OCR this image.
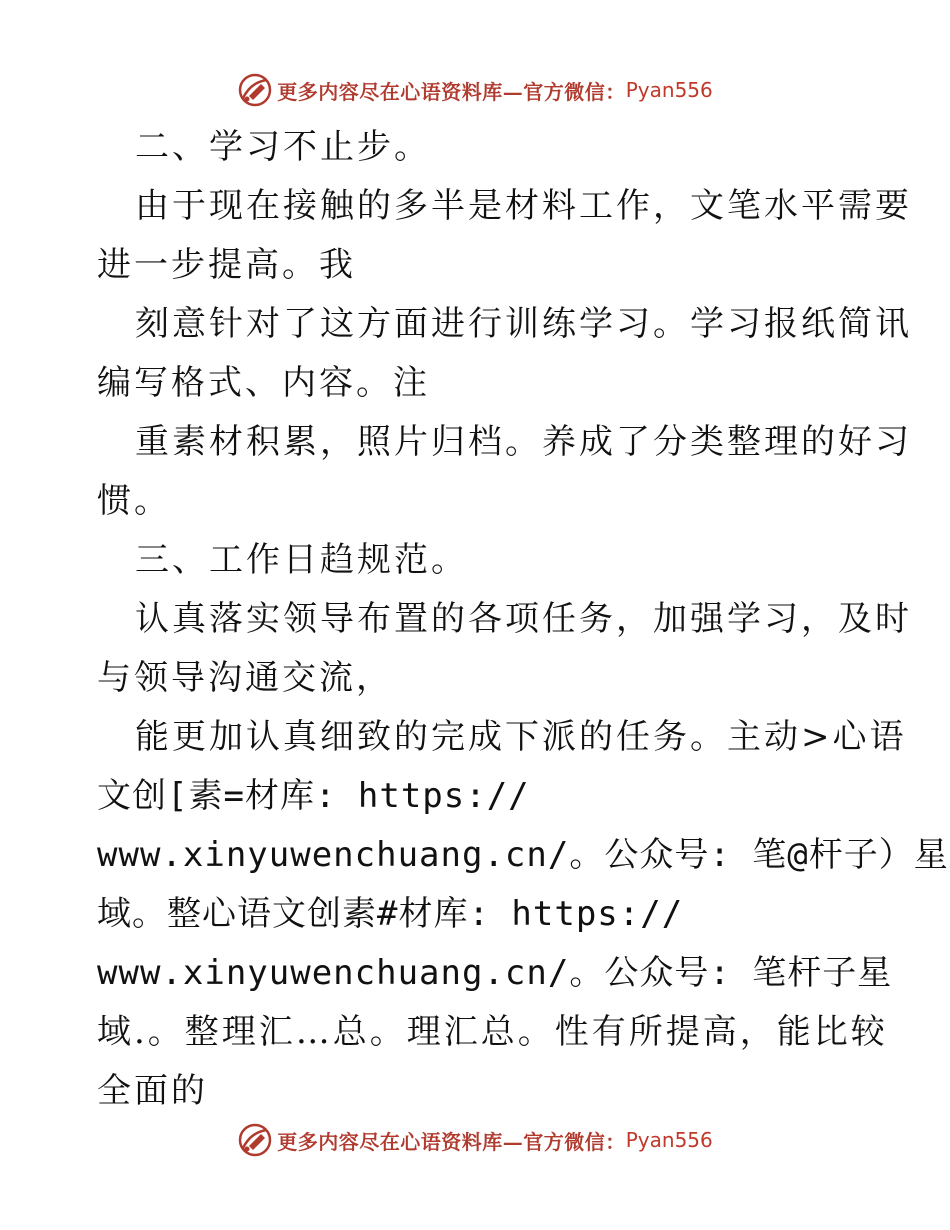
更多内容尽在心语资料库—官方微信： Pyan556
二、学习不止步。
由于现在接触的多半是材料工作，文笔水平需要
进一步提高。我
刻意针对了这方面进行训练学习。学习报纸简讯
编写格式、内容。注
重素材积累，照片归档。养成了分类整理的好习
惯。
三、工作日趋规范。
认真落实领导布置的各项任务，加强学习，及时
与领导沟通交流，
能更加认真细致的完成下派的任务。主动>心语
文创[素=材库: https://
www.xinyuwenchuang.cn/。公众号: 笔@杆子）星
域。整心语文创素#材库: https://
www.xinyuwenchuang.cn/。公众号: 笔杆子星
域.。整理汇…总。理汇总。性有所提高，能比较
全面的
更多内容尽在心语资料库—官方微信： Pyan556
